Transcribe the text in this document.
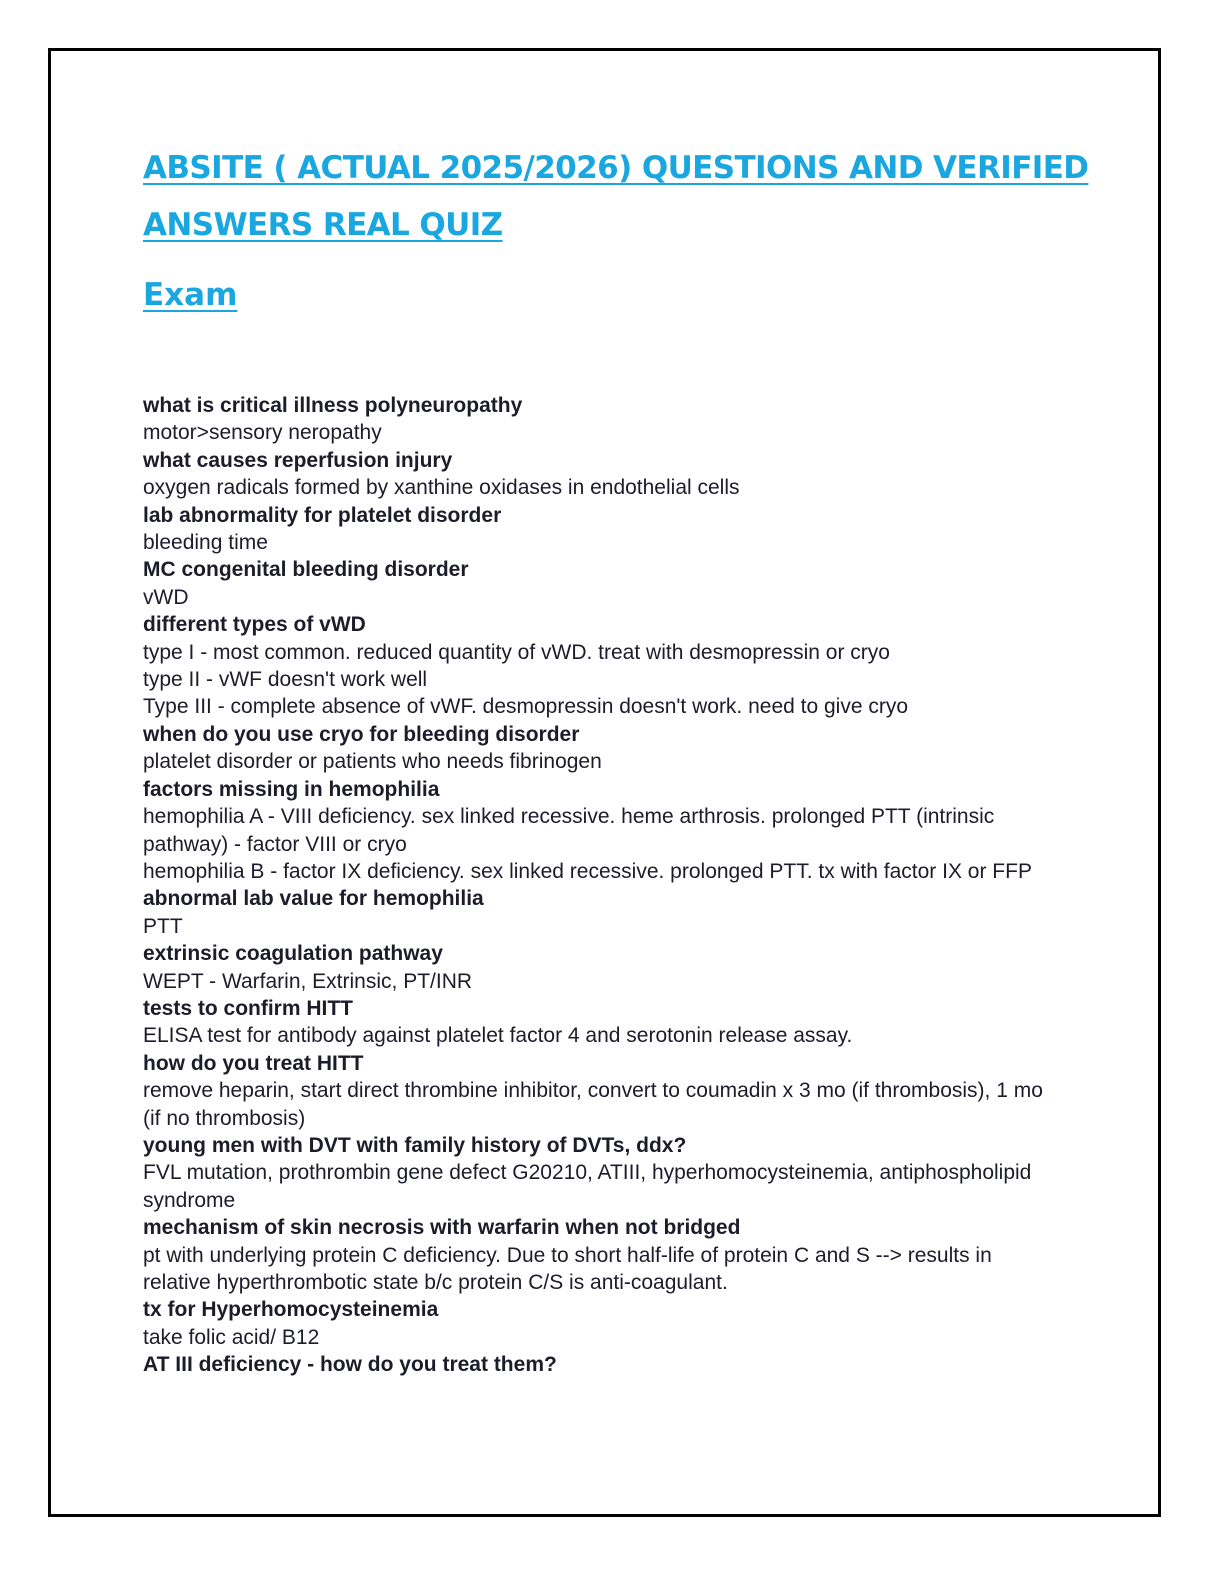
ABSITE ( ACTUAL 2025/2026) QUESTIONS AND VERIFIED ANSWERS REAL QUIZ
Exam
what is critical illness polyneuropathy
motor>sensory neropathy
what causes reperfusion injury
oxygen radicals formed by xanthine oxidases in endothelial cells
lab abnormality for platelet disorder
bleeding time
MC congenital bleeding disorder
vWD
different types of vWD
type I - most common. reduced quantity of vWD. treat with desmopressin or cryo
type II - vWF doesn't work well
Type III - complete absence of vWF. desmopressin doesn't work. need to give cryo
when do you use cryo for bleeding disorder
platelet disorder or patients who needs fibrinogen
factors missing in hemophilia
hemophilia A - VIII deficiency. sex linked recessive. heme arthrosis. prolonged PTT (intrinsic pathway) - factor VIII or cryo
hemophilia B - factor IX deficiency. sex linked recessive. prolonged PTT. tx with factor IX or FFP
abnormal lab value for hemophilia
PTT
extrinsic coagulation pathway
WEPT - Warfarin, Extrinsic, PT/INR
tests to confirm HITT
ELISA test for antibody against platelet factor 4 and serotonin release assay.
how do you treat HITT
remove heparin, start direct thrombine inhibitor, convert to coumadin x 3 mo (if thrombosis), 1 mo (if no thrombosis)
young men with DVT with family history of DVTs, ddx?
FVL mutation, prothrombin gene defect G20210, ATIII, hyperhomocysteinemia, antiphospholipid syndrome
mechanism of skin necrosis with warfarin when not bridged
pt with underlying protein C deficiency. Due to short half-life of protein C and S --> results in relative hyperthrombotic state b/c protein C/S is anti-coagulant.
tx for Hyperhomocysteinemia
take folic acid/ B12
AT III deficiency - how do you treat them?
